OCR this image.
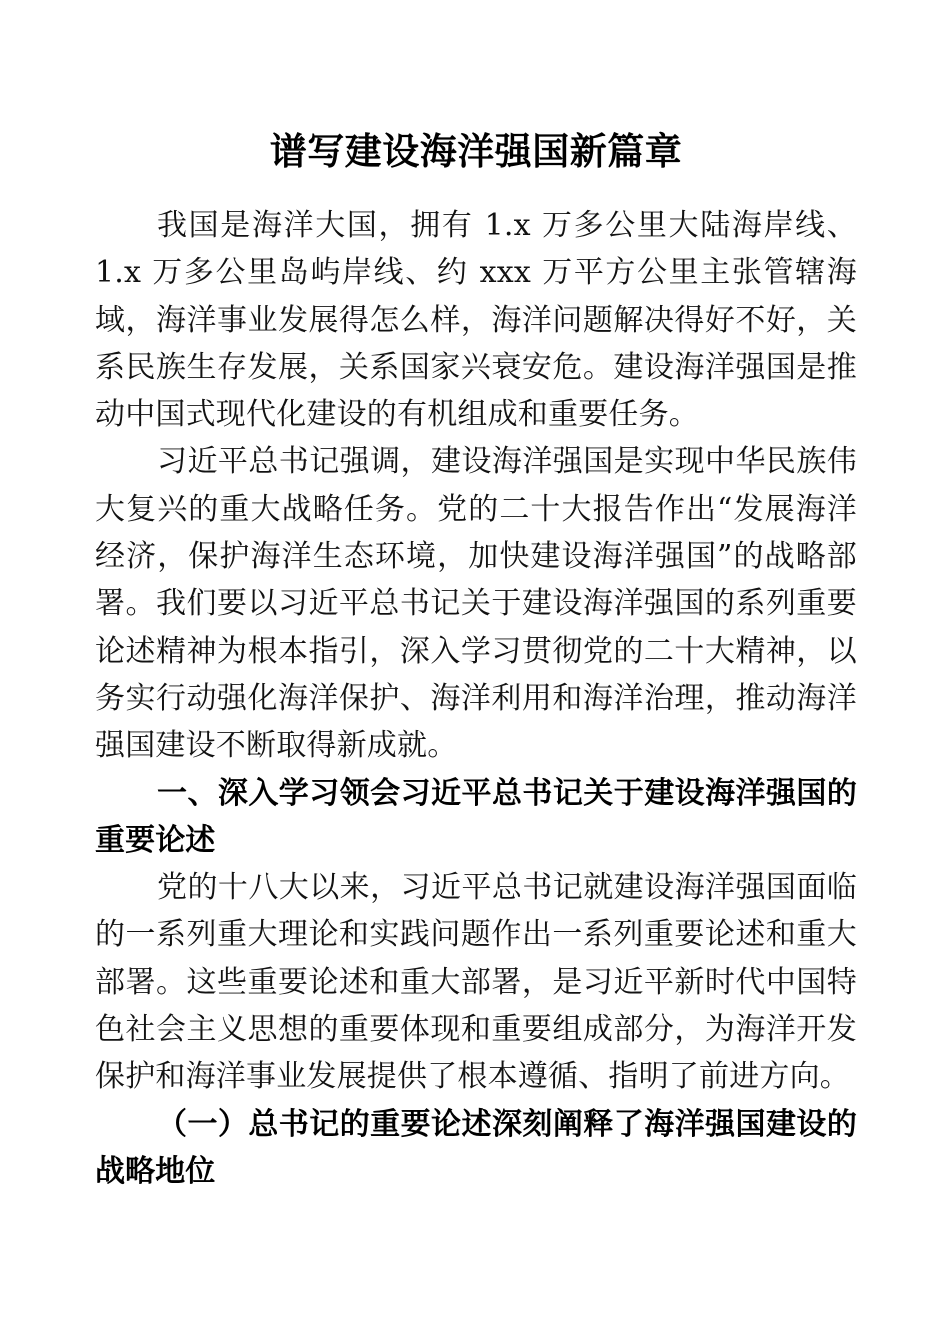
谱写建设海洋强国新篇章

我国是海洋大国，拥有 1.x 万多公里大陆海岸线、1.x 万多公里岛屿岸线、约 xxx 万平方公里主张管辖海域，海洋事业发展得怎么样，海洋问题解决得好不好，关系民族生存发展，关系国家兴衰安危。建设海洋强国是推动中国式现代化建设的有机组成和重要任务。

习近平总书记强调，建设海洋强国是实现中华民族伟大复兴的重大战略任务。党的二十大报告作出“发展海洋经济，保护海洋生态环境，加快建设海洋强国”的战略部署。我们要以习近平总书记关于建设海洋强国的系列重要论述精神为根本指引，深入学习贯彻党的二十大精神，以务实行动强化海洋保护、海洋利用和海洋治理，推动海洋强国建设不断取得新成就。

一、深入学习领会习近平总书记关于建设海洋强国的重要论述

党的十八大以来，习近平总书记就建设海洋强国面临的一系列重大理论和实践问题作出一系列重要论述和重大部署。这些重要论述和重大部署，是习近平新时代中国特色社会主义思想的重要体现和重要组成部分，为海洋开发保护和海洋事业发展提供了根本遵循、指明了前进方向。

（一）总书记的重要论述深刻阐释了海洋强国建设的战略地位
